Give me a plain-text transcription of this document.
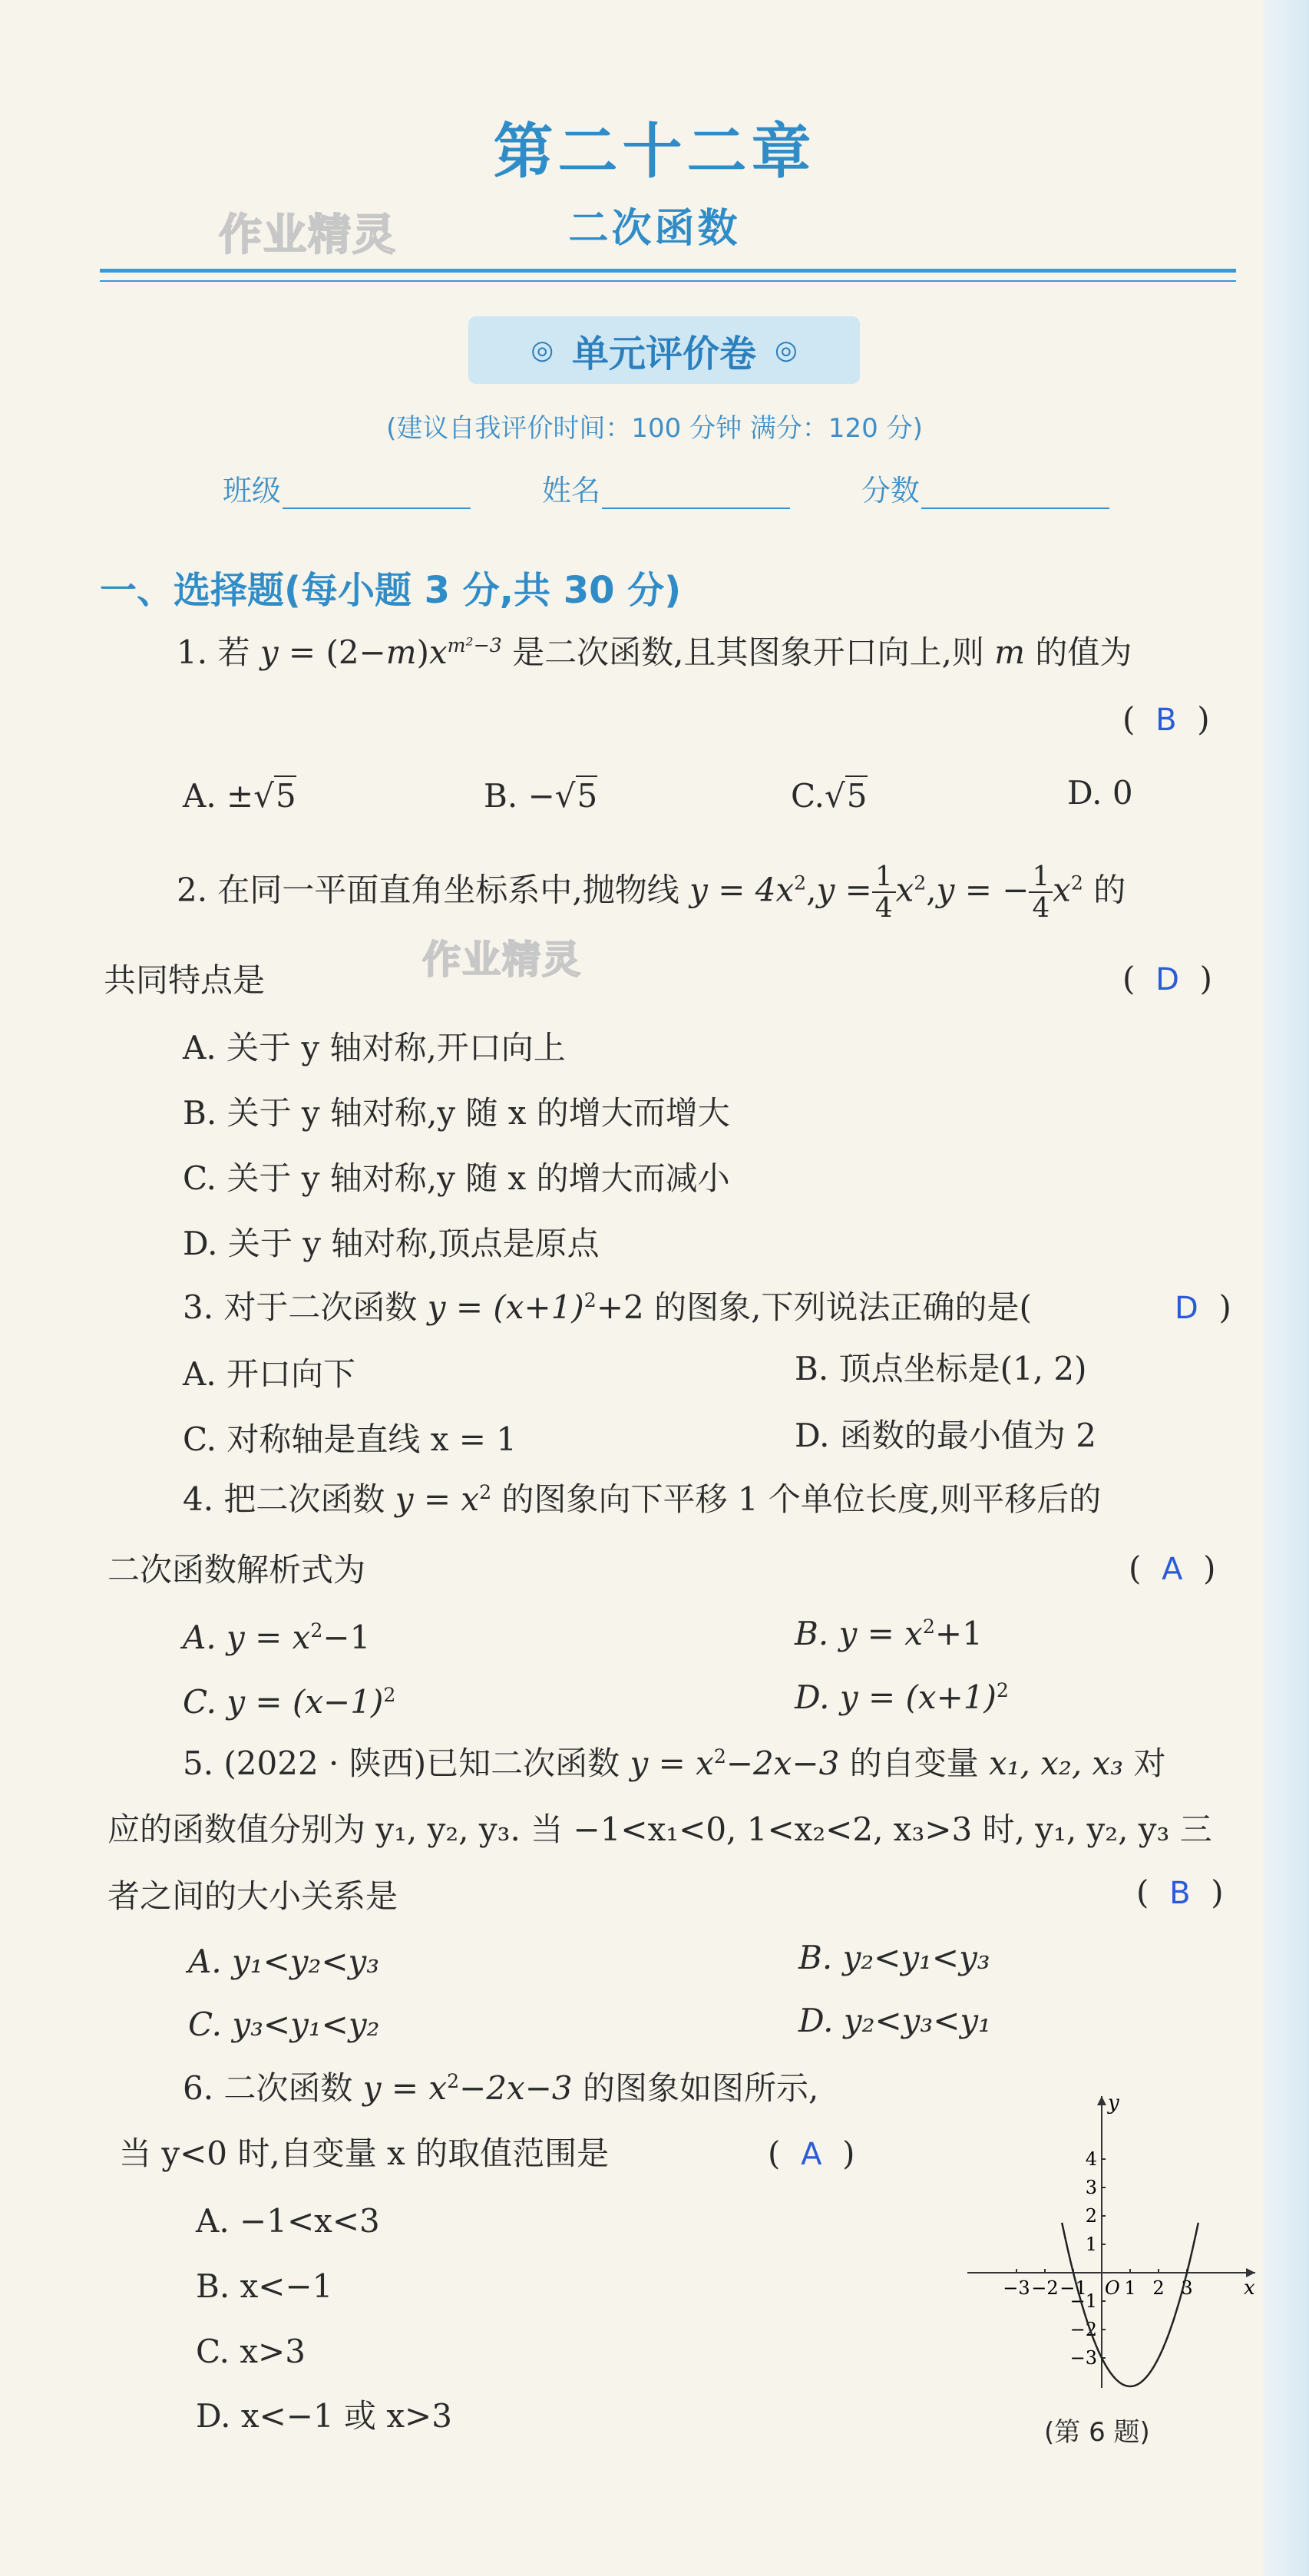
第二十二章
二次函数
作业精灵
◎ 单元评价卷 ◎
(建议自我评价时间：100 分钟 满分：120 分)
班级	姓名	分数
一、选择题(每小题 3 分,共 30 分)
1. 若 $y = (2-m)x^{m^2-3}$ 是二次函数,且其图象开口向上,则 m 的值为
( B )
A. ±√5	B. −√5	C.√5	D. 0
2. 在同一平面直角坐标系中,抛物线 $y = 4x^2,y = \frac{1}{4} x^2,y$ = − $\frac{1}{4} x^2$ 的
共同特点是	作业精灵	( D )
A. 关于 y 轴对称,开口向上
B. 关于 y 轴对称,y 随 x 的增大而增大
C. 关于 y 轴对称,y 随 x 的增大而减小
D. 关于 y 轴对称,顶点是原点
3. 对于二次函数 $y = (x+1)^2+2$ 的图象,下列说法正确的是(	D )
A. 开口向下	B. 顶点坐标是(1, 2)
C. 对称轴是直线 x = 1	D. 函数的最小值为 2
4. 把二次函数 $y = x^2$ 的图象向下平移 1 个单位长度,则平移后的
二次函数解析式为	( A )
A. $y = x^2-1$	B. $y = x^2+1$
C. $y = (x-1)^2$	D. $y = (x+1)^2$
5. (2022 · 陕西)已知二次函数 $y = x^2-2x-3$ 的自变量 x₁, x₂, x₃ 对
应的函数值分别为 y₁, y₂, y₃. 当 −1<x₁<0, 1<x₂<2, x₃>3 时, y₁, y₂, y₃ 三
者之间的大小关系是	( B )
A. y₁<y₂<y₃	B. y₂<y₁<y₃
C. y₃<y₁<y₂	D. y₂<y₃<y₁
6. 二次函数 $y = x^2-2x-3$ 的图象如图所示,
当 y<0 时,自变量 x 的取值范围是	( A )
A. −1<x<3
B. x<−1
C. x>3
D. x<−1 或 x>3
x
y
O
−3 −2 −1 1 2 3
4
3
2
1
−1
−2
−3
(第 6 题)
